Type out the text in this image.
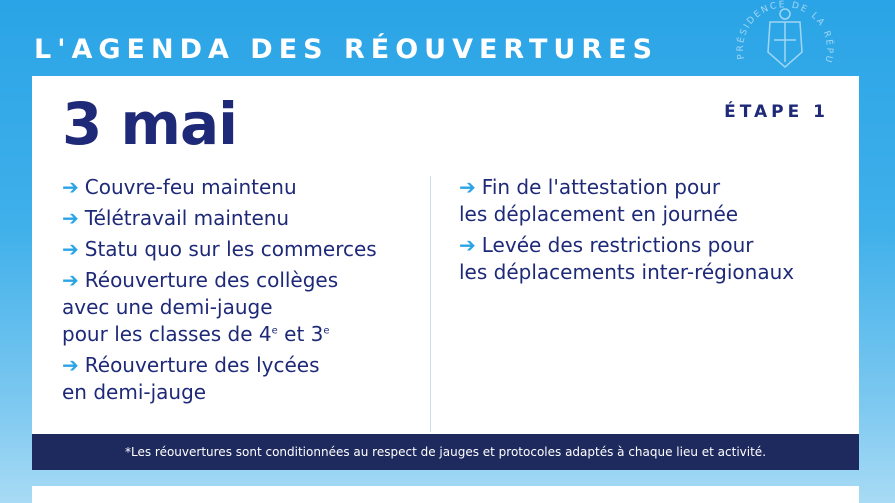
L'AGENDA DES RÉOUVERTURES	PRÉSIDENCE DE LA RÉPU
3 mai	ÉTAPE 1
➔ Couvre-feu maintenu
➔ Télétravail maintenu
➔ Statu quo sur les commerces
➔ Réouverture des collèges
avec une demi-jauge
pour les classes de 4e et 3e
➔ Réouverture des lycées
en demi-jauge
➔ Fin de l'attestation pour
les déplacement en journée
➔ Levée des restrictions pour
les déplacements inter-régionaux
*Les réouvertures sont conditionnées au respect de jauges et protocoles adaptés à chaque lieu et activité.
